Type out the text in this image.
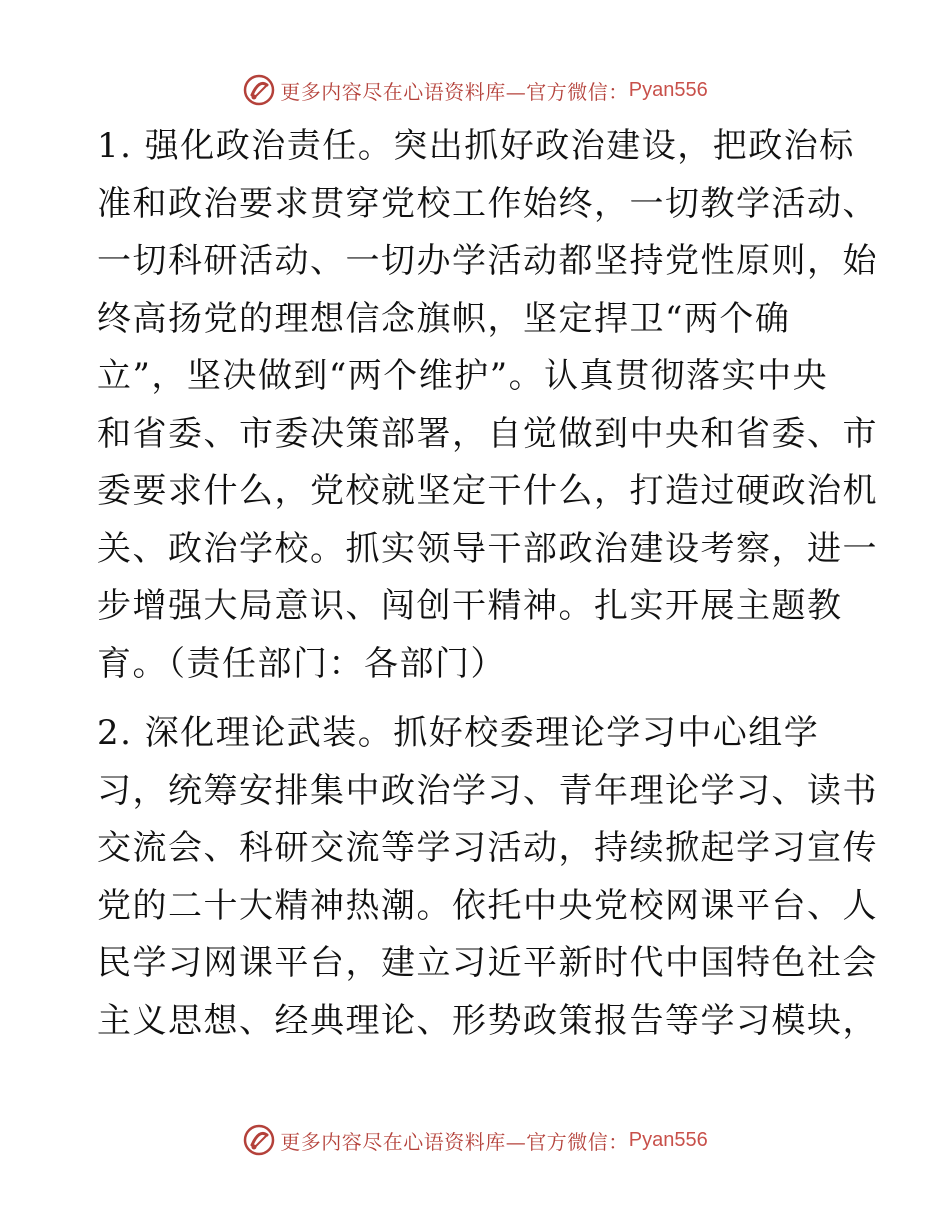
更多内容尽在心语资料库—官方微信： Pyan556
1. 强化政治责任。突出抓好政治建设，把政治标
准和政治要求贯穿党校工作始终，一切教学活动、
一切科研活动、一切办学活动都坚持党性原则，始
终高扬党的理想信念旗帜，坚定捍卫“两个确
立”，坚决做到“两个维护”。认真贯彻落实中央
和省委、市委决策部署，自觉做到中央和省委、市
委要求什么，党校就坚定干什么，打造过硬政治机
关、政治学校。抓实领导干部政治建设考察，进一
步增强大局意识、闯创干精神。扎实开展主题教
育。（责任部门：各部门）
2. 深化理论武装。抓好校委理论学习中心组学
习，统筹安排集中政治学习、青年理论学习、读书
交流会、科研交流等学习活动，持续掀起学习宣传
党的二十大精神热潮。依托中央党校网课平台、人
民学习网课平台，建立习近平新时代中国特色社会
主义思想、经典理论、形势政策报告等学习模块，
更多内容尽在心语资料库—官方微信： Pyan556
